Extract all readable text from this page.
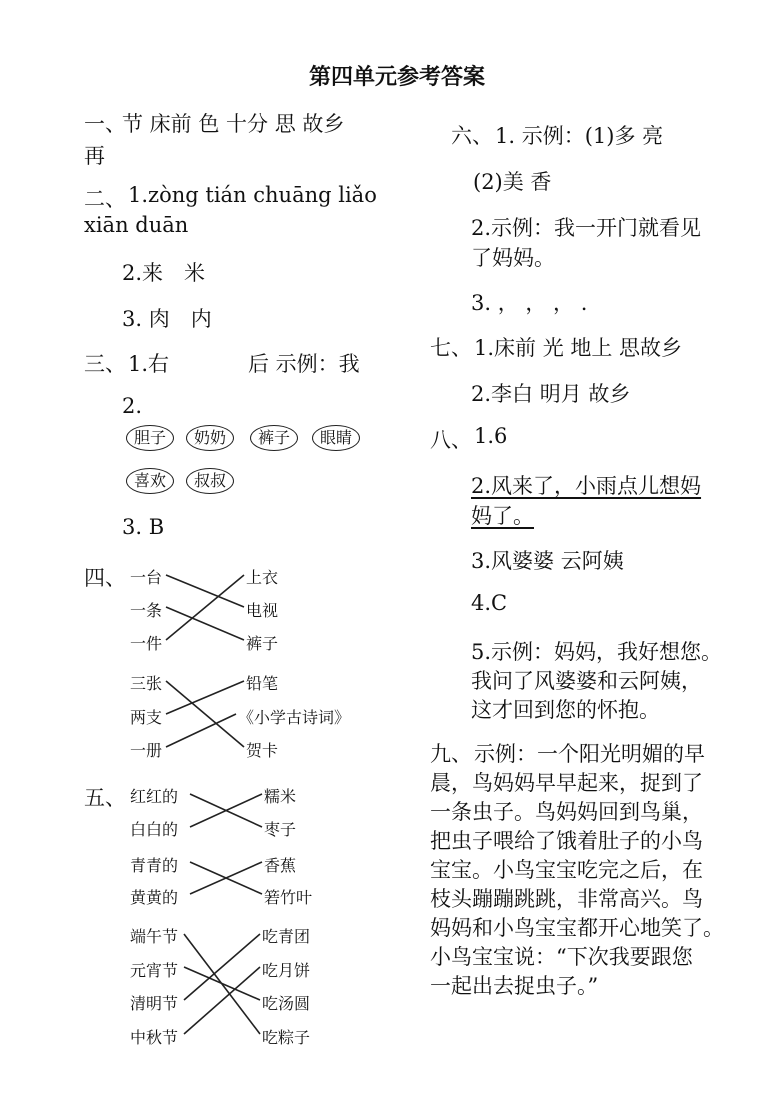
第四单元参考答案
一、
节 床前 色 十分 思 故乡
再
二、 1.zòng tián chuāng liǎo
xiān duān
2.来　米
3. 肉　内
三、 1.右	后 示例：我
2.
胆子	奶奶	裤子	眼睛
喜欢	叔叔
3. B
四、 一台
一条
一件
上衣
电视
裤子
三张
两支
一册
铅笔
《小学古诗词》
贺卡
五、 红红的
白白的
糯米
枣子
青青的
黄黄的
香蕉
箬竹叶
端午节
元宵节
清明节
中秋节
吃青团
吃月饼
吃汤圆
吃粽子
六、 1. 示例：(1)多 亮
(2)美 香
2.示例：我一开门就看见
了妈妈。
3. ， ， ， .
七、 1.床前 光 地上 思故乡
2.李白 明月 故乡
八、 1.6
2.风来了，小雨点儿想妈
妈了。
3.风婆婆 云阿姨
4.C
5.示例：妈妈，我好想您。
我问了风婆婆和云阿姨，
这才回到您的怀抱。
九、 示例：一个阳光明媚的早
晨，鸟妈妈早早起来，捉到了
一条虫子。鸟妈妈回到鸟巢，
把虫子喂给了饿着肚子的小鸟
宝宝。小鸟宝宝吃完之后，在
枝头蹦蹦跳跳，非常高兴。鸟
妈妈和小鸟宝宝都开心地笑了。
小鸟宝宝说：“下次我要跟您
一起出去捉虫子。”
